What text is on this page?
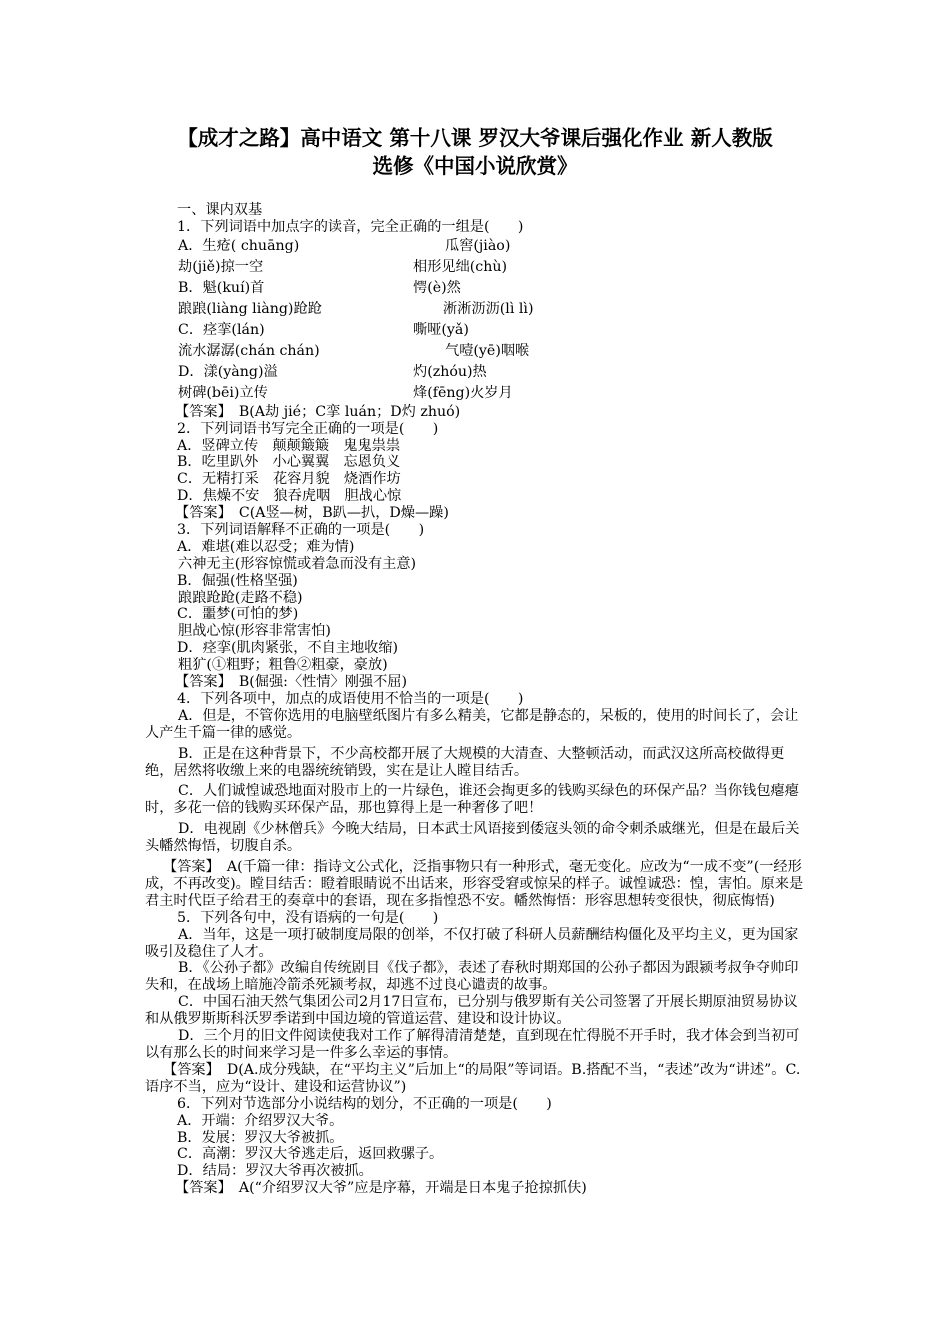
【成才之路】高中语文 第十八课 罗汉大爷课后强化作业 新人教版
选修《中国小说欣赏》
一、课内双基
1．下列词语中加点字的读音，完全正确的一组是(　　)
A．生疮( chuāng)	瓜窖(jiào)
劫(jiě)掠一空	相形见绌(chù)
B．魁(kuí)首	愕(è)然
踉踉(liàng liàng)跄跄	淅淅沥沥(lì lì)
C．痉挛(lán)	嘶哑(yǎ)
流水潺潺(chán chán)	气噎(yē)咽喉
D．漾(yàng)溢	灼(zhóu)热
树碑(bēi)立传	烽(fēng)火岁月
【答案】　B(A劫 jié；C挛 luán；D灼 zhuó)
2．下列词语书写完全正确的一项是(　　)
A．竖碑立传　颠颠簸簸　鬼鬼祟祟
B．吃里趴外　小心翼翼　忘恩负义
C．无精打采　花容月貌　烧酒作坊
D．焦燥不安　狼吞虎咽　胆战心惊
【答案】　C(A竖—树，B趴—扒，D燥—躁)
3．下列词语解释不正确的一项是(　　)
A．难堪(难以忍受；难为情)
六神无主(形容惊慌或着急而没有主意)
B．倔强(性格坚强)
踉踉跄跄(走路不稳)
C．噩梦(可怕的梦)
胆战心惊(形容非常害怕)
D．痉挛(肌肉紧张，不自主地收缩)
粗犷(①粗野；粗鲁②粗豪，豪放)
【答案】　B(倔强:〈性情〉刚强不屈)
4．下列各项中，加点的成语使用不恰当的一项是(　　)
A．但是，不管你选用的电脑壁纸图片有多么精美，它都是静态的，呆板的，使用的时间长了，会让人产生千篇一律的感觉。
B．正是在这种背景下，不少高校都开展了大规模的大清查、大整顿活动，而武汉这所高校做得更绝，居然将收缴上来的电器统统销毁，实在是让人瞠目结舌。
C．人们诚惶诚恐地面对股市上的一片绿色，谁还会掏更多的钱购买绿色的环保产品？当你钱包瘪瘪时，多花一倍的钱购买环保产品，那也算得上是一种奢侈了吧！
D．电视剧《少林僧兵》今晚大结局，日本武士风语接到倭寇头领的命令刺杀戚继光，但是在最后关头幡然悔悟，切腹自杀。
【答案】　A(千篇一律：指诗文公式化，泛指事物只有一种形式，毫无变化。应改为“一成不变”(一经形成，不再改变)。瞠目结舌：瞪着眼睛说不出话来，形容受窘或惊呆的样子。诚惶诚恐：惶，害怕。原来是君主时代臣子给君王的奏章中的套语，现在多指惶恐不安。幡然悔悟：形容思想转变很快，彻底悔悟)
5．下列各句中，没有语病的一句是(　　)
A．当年，这是一项打破制度局限的创举，不仅打破了科研人员薪酬结构僵化及平均主义，更为国家吸引及稳住了人才。
B．《公孙子都》改编自传统剧目《伐子都》，表述了春秋时期郑国的公孙子都因为跟颍考叔争夺帅印失和，在战场上暗施冷箭杀死颍考叔，却逃不过良心谴责的故事。
C．中国石油天然气集团公司2月17日宣布，已分别与俄罗斯有关公司签署了开展长期原油贸易协议和从俄罗斯斯科沃罗季诺到中国边境的管道运营、建设和设计协议。
D．三个月的旧文件阅读使我对工作了解得清清楚楚，直到现在忙得脱不开手时，我才体会到当初可以有那么长的时间来学习是一件多么幸运的事情。
【答案】　D(A.成分残缺，在“平均主义”后加上“的局限”等词语。B.搭配不当，“表述”改为“讲述”。C.语序不当，应为“设计、建设和运营协议”)
6．下列对节选部分小说结构的划分，不正确的一项是(　　)
A．开端：介绍罗汉大爷。
B．发展：罗汉大爷被抓。
C．高潮：罗汉大爷逃走后，返回救骡子。
D．结局：罗汉大爷再次被抓。
【答案】　A(“介绍罗汉大爷”应是序幕，开端是日本鬼子抢掠抓伕)
